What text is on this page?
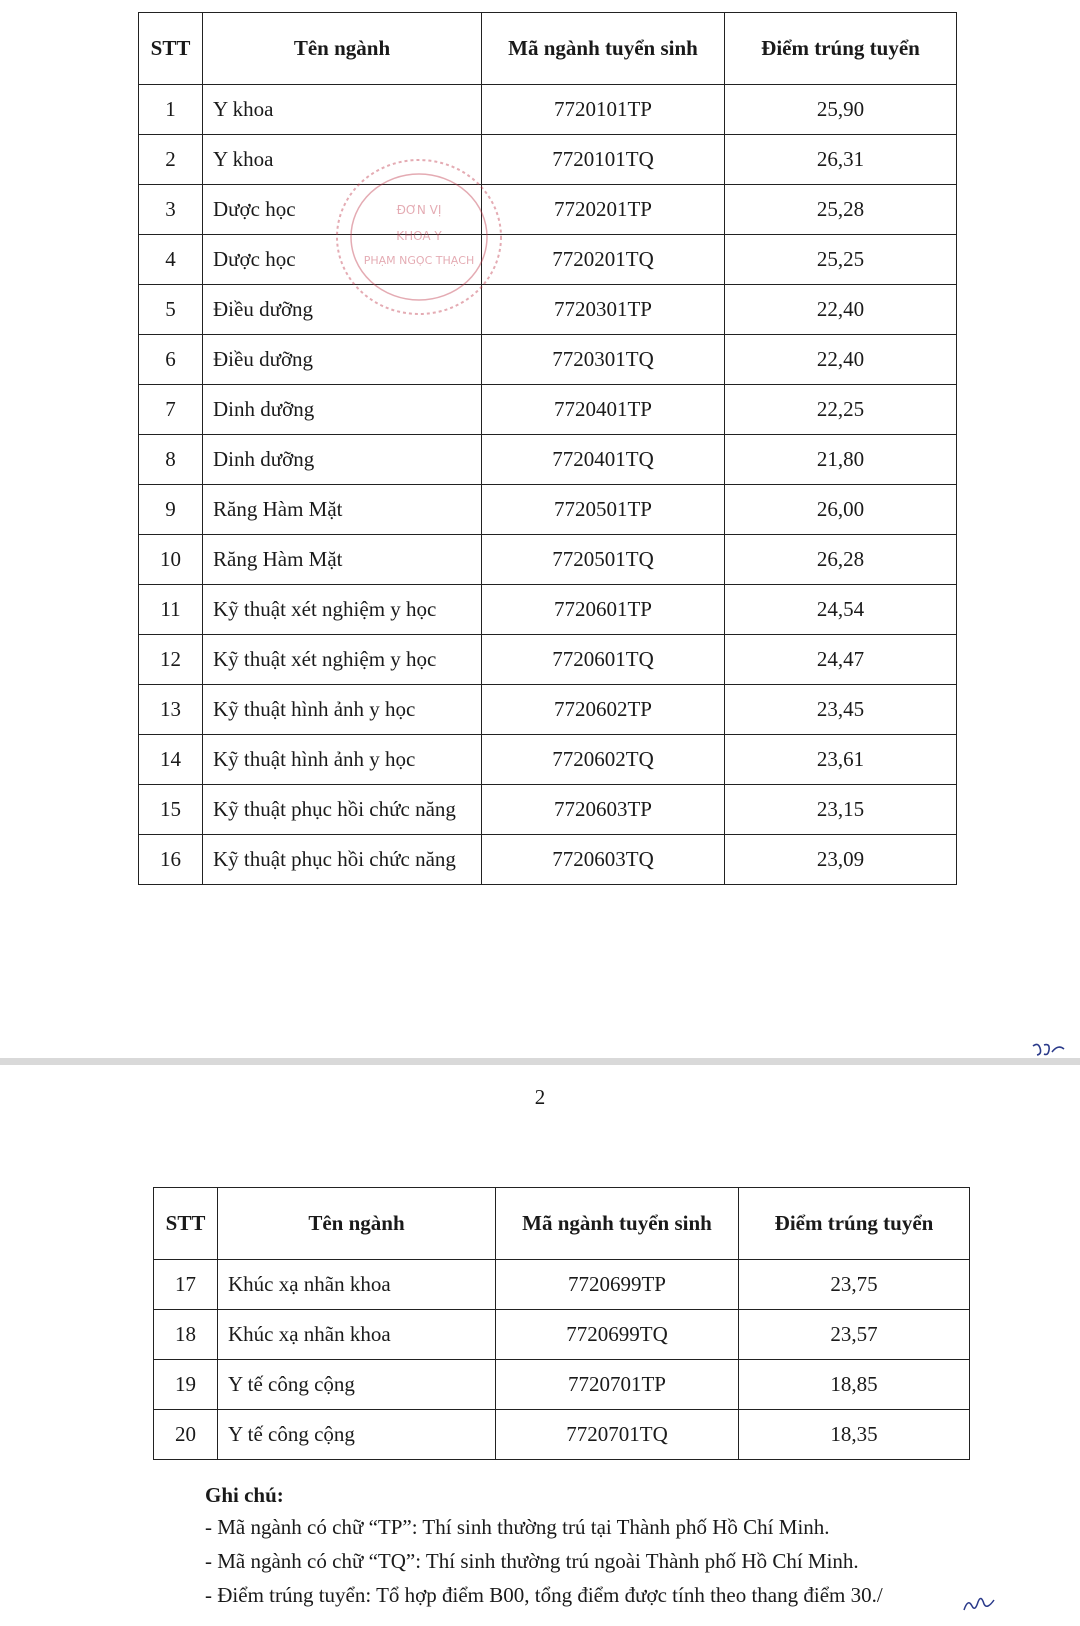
STT	Tên ngành	Mã ngành tuyển sinh	Điểm trúng tuyển
1	Y khoa	7720101TP	25,90
2	Y khoa	7720101TQ	26,31
3	Dược học	7720201TP	25,28
4	Dược học	7720201TQ	25,25
5	Điều dưỡng	7720301TP	22,40
6	Điều dưỡng	7720301TQ	22,40
7	Dinh dưỡng	7720401TP	22,25
8	Dinh dưỡng	7720401TQ	21,80
9	Răng Hàm Mặt	7720501TP	26,00
10	Răng Hàm Mặt	7720501TQ	26,28
11	Kỹ thuật xét nghiệm y học	7720601TP	24,54
12	Kỹ thuật xét nghiệm y học	7720601TQ	24,47
13	Kỹ thuật hình ảnh y học	7720602TP	23,45
14	Kỹ thuật hình ảnh y học	7720602TQ	23,61
15	Kỹ thuật phục hồi chức năng	7720603TP	23,15
16	Kỹ thuật phục hồi chức năng	7720603TQ	23,09
ĐƠN VỊ
KHOA Y
PHẠM NGỌC THẠCH
2
STT	Tên ngành	Mã ngành tuyển sinh	Điểm trúng tuyển
17	Khúc xạ nhãn khoa	7720699TP	23,75
18	Khúc xạ nhãn khoa	7720699TQ	23,57
19	Y tế công cộng	7720701TP	18,85
20	Y tế công cộng	7720701TQ	18,35
Ghi chú:
- Mã ngành có chữ “TP”: Thí sinh thường trú tại Thành phố Hồ Chí Minh.
- Mã ngành có chữ “TQ”: Thí sinh thường trú ngoài Thành phố Hồ Chí Minh.
- Điểm trúng tuyển: Tổ hợp điểm B00, tổng điểm được tính theo thang điểm 30./
